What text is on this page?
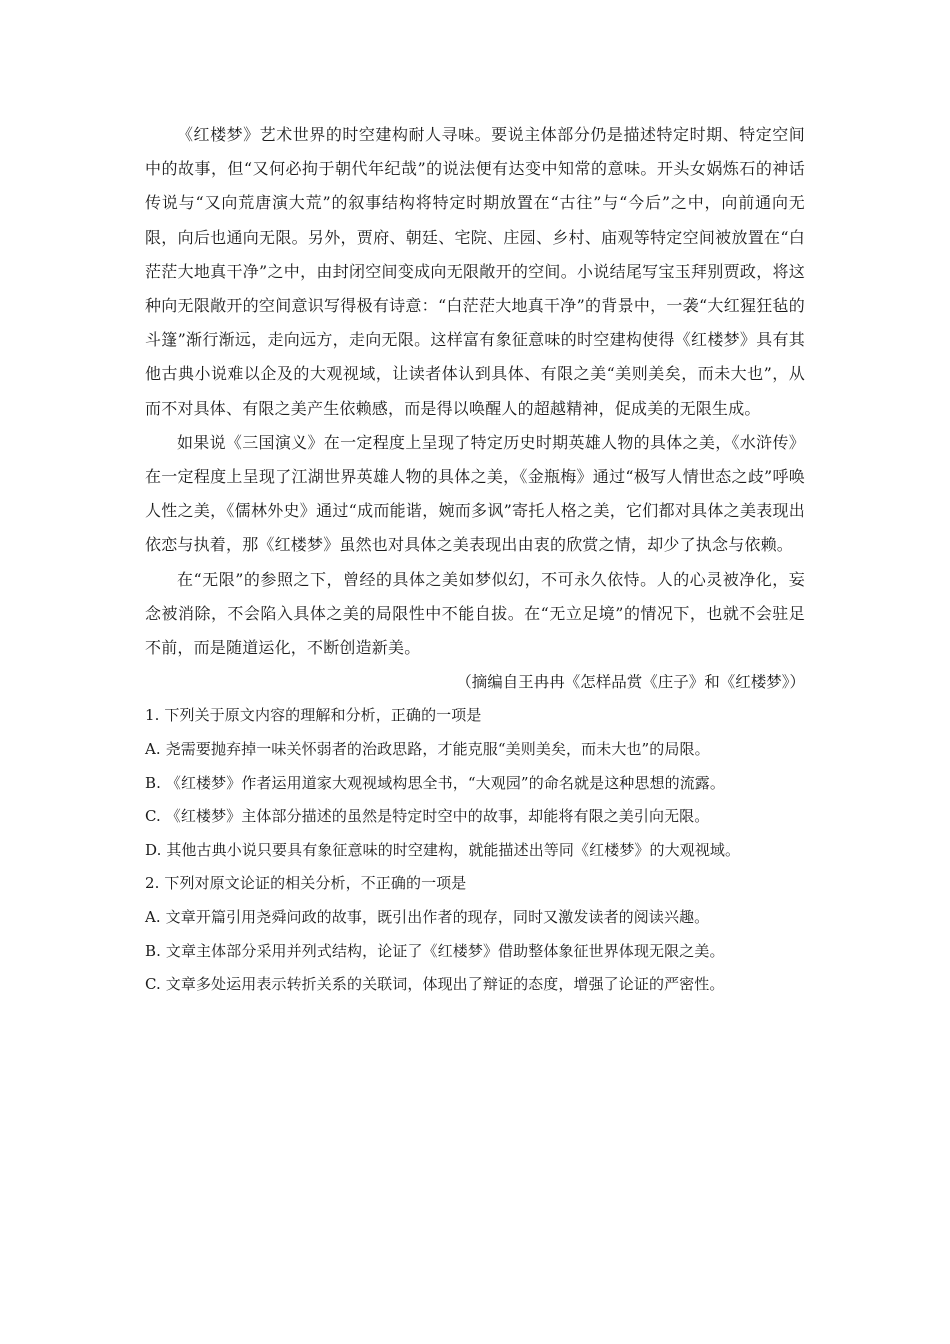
《红楼梦》艺术世界的时空建构耐人寻味。要说主体部分仍是描述特定时期、特定空间中的故事，但“又何必拘于朝代年纪哉”的说法便有达变中知常的意味。开头女娲炼石的神话传说与“又向荒唐演大荒”的叙事结构将特定时期放置在“古往”与“今后”之中，向前通向无限，向后也通向无限。另外，贾府、朝廷、宅院、庄园、乡村、庙观等特定空间被放置在“白茫茫大地真干净”之中，由封闭空间变成向无限敞开的空间。小说结尾写宝玉拜别贾政，将这种向无限敞开的空间意识写得极有诗意：“白茫茫大地真干净”的背景中，一袭“大红猩狂毡的斗篷”渐行渐远，走向远方，走向无限。这样富有象征意味的时空建构使得《红楼梦》具有其他古典小说难以企及的大观视域，让读者体认到具体、有限之美“美则美矣，而未大也”，从而不对具体、有限之美产生依赖感，而是得以唤醒人的超越精神，促成美的无限生成。

如果说《三国演义》在一定程度上呈现了特定历史时期英雄人物的具体之美，《水浒传》在一定程度上呈现了江湖世界英雄人物的具体之美，《金瓶梅》通过“极写人情世态之歧”呼唤人性之美，《儒林外史》通过“成而能谐，婉而多讽”寄托人格之美，它们都对具体之美表现出依恋与执着，那《红楼梦》虽然也对具体之美表现出由衷的欣赏之情，却少了执念与依赖。

在“无限”的参照之下，曾经的具体之美如梦似幻，不可永久依恃。人的心灵被净化，妄念被消除，不会陷入具体之美的局限性中不能自拔。在“无立足境”的情况下，也就不会驻足不前，而是随道运化，不断创造新美。

（摘编自王冉冉《怎样品赏《庄子》和《红楼梦》）

1. 下列关于原文内容的理解和分析，正确的一项是

A. 尧需要抛弃掉一味关怀弱者的治政思路，才能克服“美则美矣，而未大也”的局限。

B. 《红楼梦》作者运用道家大观视域构思全书，“大观园”的命名就是这种思想的流露。

C. 《红楼梦》主体部分描述的虽然是特定时空中的故事，却能将有限之美引向无限。

D. 其他古典小说只要具有象征意味的时空建构，就能描述出等同《红楼梦》的大观视域。

2. 下列对原文论证的相关分析，不正确的一项是

A. 文章开篇引用尧舜问政的故事，既引出作者的现存，同时又激发读者的阅读兴趣。

B. 文章主体部分采用并列式结构，论证了《红楼梦》借助整体象征世界体现无限之美。

C. 文章多处运用表示转折关系的关联词，体现出了辩证的态度，增强了论证的严密性。
